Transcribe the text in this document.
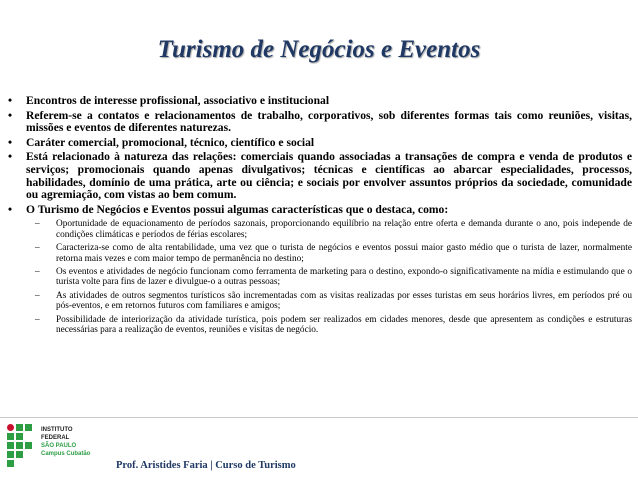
Turismo de Negócios e Eventos
• Encontros de interesse profissional, associativo e institucional
• Referem-se a contatos e relacionamentos de trabalho, corporativos, sob diferentes formas tais como reuniões, visitas, missões e eventos de diferentes naturezas.
• Caráter comercial, promocional, técnico, científico e social
• Está relacionado à natureza das relações: comerciais quando associadas a transações de compra e venda de produtos e serviços; promocionais quando apenas divulgativos; técnicas e científicas ao abarcar especialidades, processos, habilidades, domínio de uma prática, arte ou ciência; e sociais por envolver assuntos próprios da sociedade, comunidade ou agremiação, com vistas ao bem comum.
• O Turismo de Negócios e Eventos possui algumas características que o destaca, como:
– Oportunidade de equacionamento de períodos sazonais, proporcionando equilíbrio na relação entre oferta e demanda durante o ano, pois independe de condições climáticas e períodos de férias escolares;
– Caracteriza-se como de alta rentabilidade, uma vez que o turista de negócios e eventos possui maior gasto médio que o turista de lazer, normalmente retorna mais vezes e com maior tempo de permanência no destino;
– Os eventos e atividades de negócio funcionam como ferramenta de marketing para o destino, expondo-o significativamente na mídia e estimulando que o turista volte para fins de lazer e divulgue-o a outras pessoas;
– As atividades de outros segmentos turísticos são incrementadas com as visitas realizadas por esses turistas em seus horários livres, em períodos pré ou pós-eventos, e em retornos futuros com familiares e amigos;
– Possibilidade de interiorização da atividade turística, pois podem ser realizados em cidades menores, desde que apresentem as condições e estruturas necessárias para a realização de eventos, reuniões e visitas de negócio.
INSTITUTO FEDERAL
SÃO PAULO
Campus Cubatão
Prof. Aristides Faria | Curso de Turismo
